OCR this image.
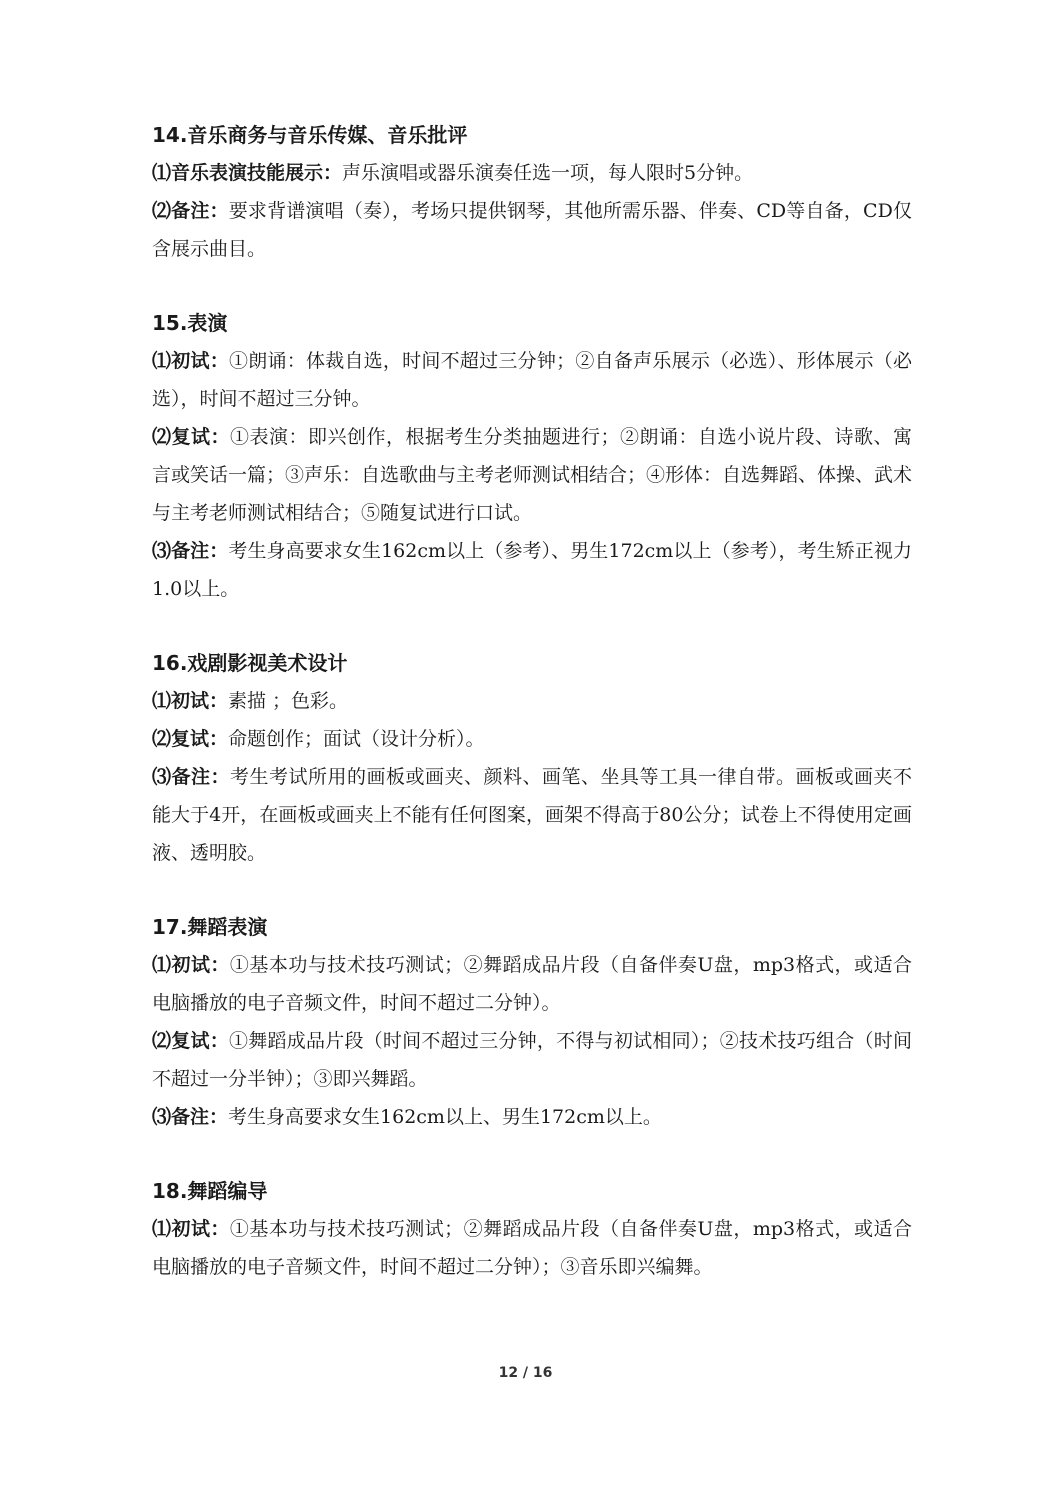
14.音乐商务与音乐传媒、音乐批评

⑴音乐表演技能展示：声乐演唱或器乐演奏任选一项，每人限时5分钟。

⑵备注：要求背谱演唱（奏），考场只提供钢琴，其他所需乐器、伴奏、CD等自备，CD仅含展示曲目。

15.表演

⑴初试：①朗诵：体裁自选，时间不超过三分钟；②自备声乐展示（必选）、形体展示（必选），时间不超过三分钟。

⑵复试：①表演：即兴创作，根据考生分类抽题进行；②朗诵：自选小说片段、诗歌、寓言或笑话一篇；③声乐：自选歌曲与主考老师测试相结合；④形体：自选舞蹈、体操、武术与主考老师测试相结合；⑤随复试进行口试。

⑶备注：考生身高要求女生162cm以上（参考）、男生172cm以上（参考），考生矫正视力1.0以上。

16.戏剧影视美术设计

⑴初试：素描 ；色彩。

⑵复试：命题创作；面试（设计分析）。

⑶备注：考生考试所用的画板或画夹、颜料、画笔、坐具等工具一律自带。画板或画夹不能大于4开，在画板或画夹上不能有任何图案，画架不得高于80公分；试卷上不得使用定画液、透明胶。

17.舞蹈表演

⑴初试：①基本功与技术技巧测试；②舞蹈成品片段（自备伴奏U盘，mp3格式，或适合电脑播放的电子音频文件，时间不超过二分钟）。

⑵复试：①舞蹈成品片段（时间不超过三分钟，不得与初试相同）；②技术技巧组合（时间不超过一分半钟）；③即兴舞蹈。

⑶备注：考生身高要求女生162cm以上、男生172cm以上。

18.舞蹈编导

⑴初试：①基本功与技术技巧测试；②舞蹈成品片段（自备伴奏U盘，mp3格式，或适合电脑播放的电子音频文件，时间不超过二分钟）；③音乐即兴编舞。

12 / 16
